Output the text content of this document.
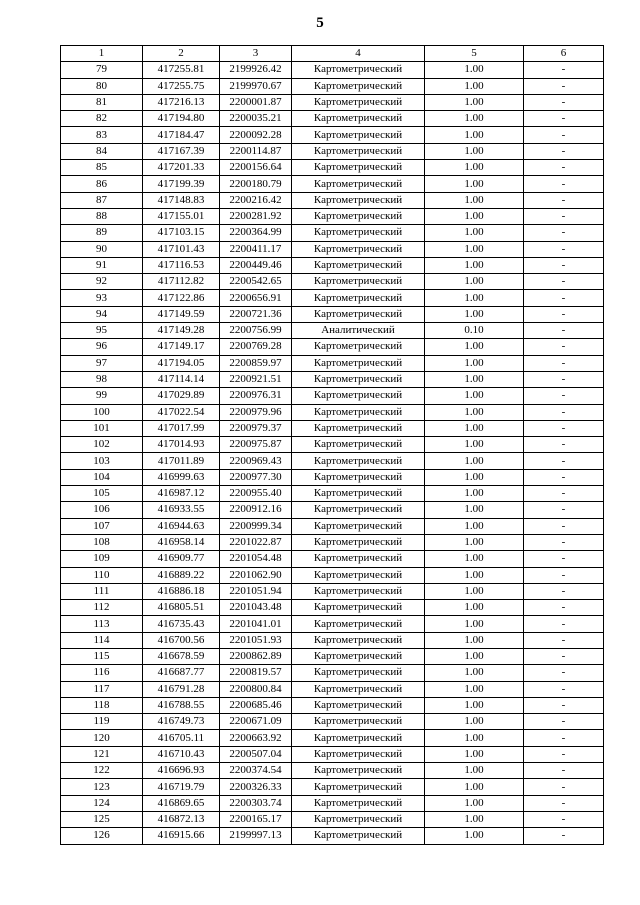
5
1	2	3	4	5	6
79	417255.81	2199926.42	Картометрический	1.00	-
80	417255.75	2199970.67	Картометрический	1.00	-
81	417216.13	2200001.87	Картометрический	1.00	-
82	417194.80	2200035.21	Картометрический	1.00	-
83	417184.47	2200092.28	Картометрический	1.00	-
84	417167.39	2200114.87	Картометрический	1.00	-
85	417201.33	2200156.64	Картометрический	1.00	-
86	417199.39	2200180.79	Картометрический	1.00	-
87	417148.83	2200216.42	Картометрический	1.00	-
88	417155.01	2200281.92	Картометрический	1.00	-
89	417103.15	2200364.99	Картометрический	1.00	-
90	417101.43	2200411.17	Картометрический	1.00	-
91	417116.53	2200449.46	Картометрический	1.00	-
92	417112.82	2200542.65	Картометрический	1.00	-
93	417122.86	2200656.91	Картометрический	1.00	-
94	417149.59	2200721.36	Картометрический	1.00	-
95	417149.28	2200756.99	Аналитический	0.10	-
96	417149.17	2200769.28	Картометрический	1.00	-
97	417194.05	2200859.97	Картометрический	1.00	-
98	417114.14	2200921.51	Картометрический	1.00	-
99	417029.89	2200976.31	Картометрический	1.00	-
100	417022.54	2200979.96	Картометрический	1.00	-
101	417017.99	2200979.37	Картометрический	1.00	-
102	417014.93	2200975.87	Картометрический	1.00	-
103	417011.89	2200969.43	Картометрический	1.00	-
104	416999.63	2200977.30	Картометрический	1.00	-
105	416987.12	2200955.40	Картометрический	1.00	-
106	416933.55	2200912.16	Картометрический	1.00	-
107	416944.63	2200999.34	Картометрический	1.00	-
108	416958.14	2201022.87	Картометрический	1.00	-
109	416909.77	2201054.48	Картометрический	1.00	-
110	416889.22	2201062.90	Картометрический	1.00	-
111	416886.18	2201051.94	Картометрический	1.00	-
112	416805.51	2201043.48	Картометрический	1.00	-
113	416735.43	2201041.01	Картометрический	1.00	-
114	416700.56	2201051.93	Картометрический	1.00	-
115	416678.59	2200862.89	Картометрический	1.00	-
116	416687.77	2200819.57	Картометрический	1.00	-
117	416791.28	2200800.84	Картометрический	1.00	-
118	416788.55	2200685.46	Картометрический	1.00	-
119	416749.73	2200671.09	Картометрический	1.00	-
120	416705.11	2200663.92	Картометрический	1.00	-
121	416710.43	2200507.04	Картометрический	1.00	-
122	416696.93	2200374.54	Картометрический	1.00	-
123	416719.79	2200326.33	Картометрический	1.00	-
124	416869.65	2200303.74	Картометрический	1.00	-
125	416872.13	2200165.17	Картометрический	1.00	-
126	416915.66	2199997.13	Картометрический	1.00	-
